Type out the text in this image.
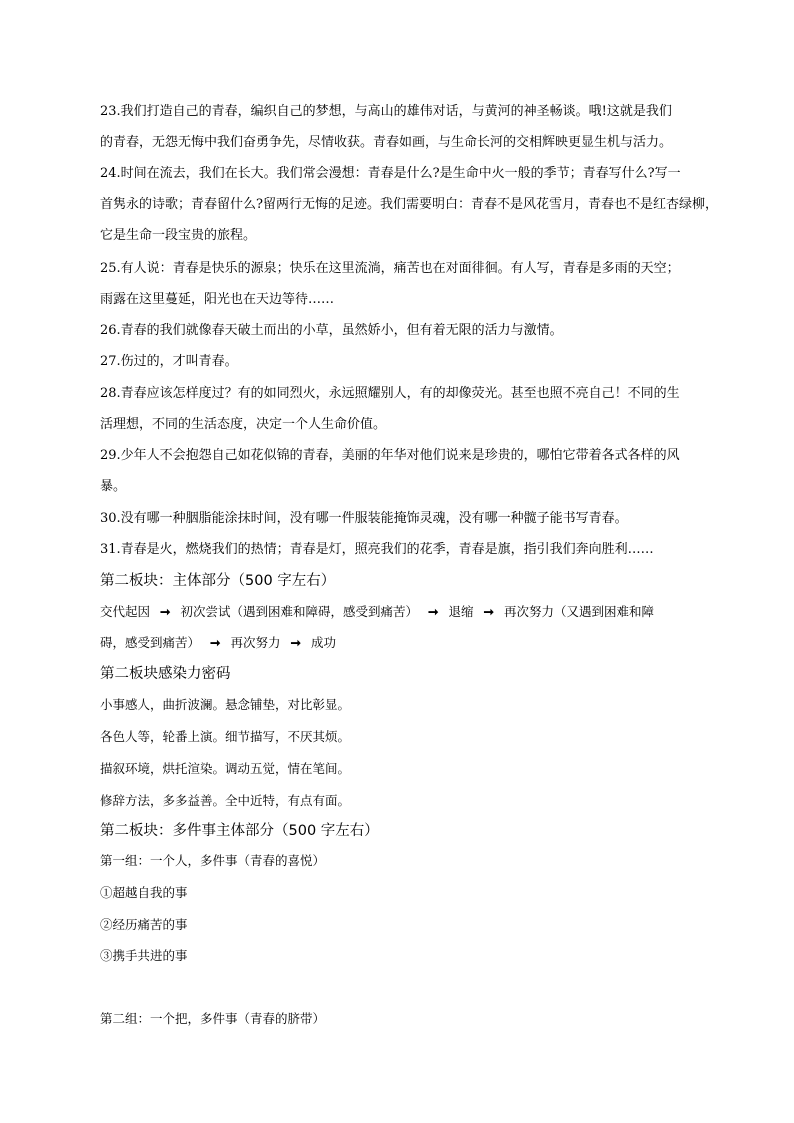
23.我们打造自己的青春，编织自己的梦想，与高山的雄伟对话，与黄河的神圣畅谈。哦!这就是我们
的青春，无怨无悔中我们奋勇争先，尽情收获。青春如画，与生命长河的交相辉映更显生机与活力。

24.时间在流去，我们在长大。我们常会漫想：青春是什么?是生命中火一般的季节；青春写什么?写一
首隽永的诗歌；青春留什么?留两行无悔的足迹。我们需要明白：青春不是风花雪月，青春也不是红杏绿柳，
它是生命一段宝贵的旅程。

25.有人说：青春是快乐的源泉；快乐在这里流淌，痛苦也在对面徘徊。有人写，青春是多雨的天空；
雨露在这里蔓延，阳光也在天边等待……

26.青春的我们就像春天破土而出的小草，虽然娇小，但有着无限的活力与激情。

27.伤过的，才叫青春。

28.青春应该怎样度过？有的如同烈火，永远照耀别人，有的却像荧光。甚至也照不亮自己！不同的生
活理想，不同的生活态度，决定一个人生命价值。

29.少年人不会抱怨自己如花似锦的青春，美丽的年华对他们说来是珍贵的，哪怕它带着各式各样的风
暴。

30.没有哪一种胭脂能涂抹时间，没有哪一件服装能掩饰灵魂，没有哪一种髋子能书写青春。

31.青春是火，燃烧我们的热情；青春是灯，照亮我们的花季，青春是旗，指引我们奔向胜利……

第二板块：主体部分（500 字左右）
交代起因 ➞ 初次尝试（遇到困难和障碍，感受到痛苦） ➞ 退缩 ➞ 再次努力（又遇到困难和障
碍，感受到痛苦） ➞ 再次努力 ➞ 成功
第二板块感染力密码
小事感人，曲折波澜。悬念铺垫，对比彰显。
各色人等，轮番上演。细节描写，不厌其烦。
描叙环境，烘托渲染。调动五觉，情在笔间。
修辞方法，多多益善。全中近特，有点有面。
第二板块：多件事主体部分（500 字左右）
第一组：一个人，多件事（青春的喜悦）
①超越自我的事
②经历痛苦的事
③携手共进的事
第二组：一个把，多件事（青春的脐带）
